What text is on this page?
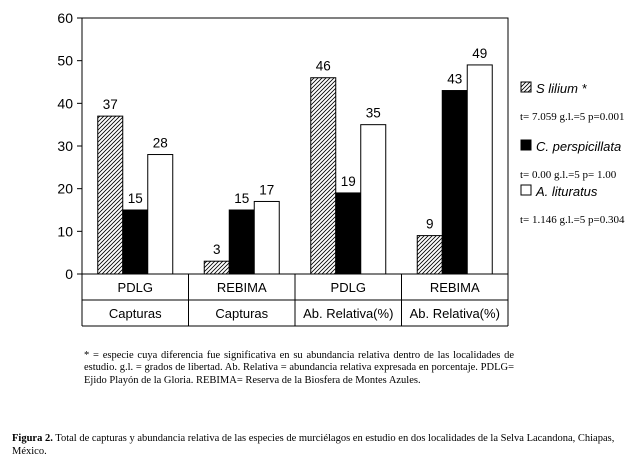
0
10
20
30
40
50
60
37
15
28
3
15
17
46
19
35
9
43
49
PDLG
Capturas
REBIMA
Capturas
PDLG
Ab. Relativa(%)
REBIMA
Ab. Relativa(%)
S lilium *
t= 7.059 g.l.=5 p=0.001
C. perspicillata
t= 0.00 g.l.=5 p= 1.00
A. lituratus
t= 1.146 g.l.=5 p=0.304

* = especie cuya diferencia fue significativa en su abundancia relativa dentro de las localidades de estudio. g.l. = grados de libertad. Ab. Relativa = abundancia relativa expresada en porcentaje. PDLG= Ejido Playón de la Gloria. REBIMA= Reserva de la Biosfera de Montes Azules.

Figura 2. Total de capturas y abundancia relativa de las especies de murciélagos en estudio en dos localidades de la Selva Lacandona, Chiapas, México.
